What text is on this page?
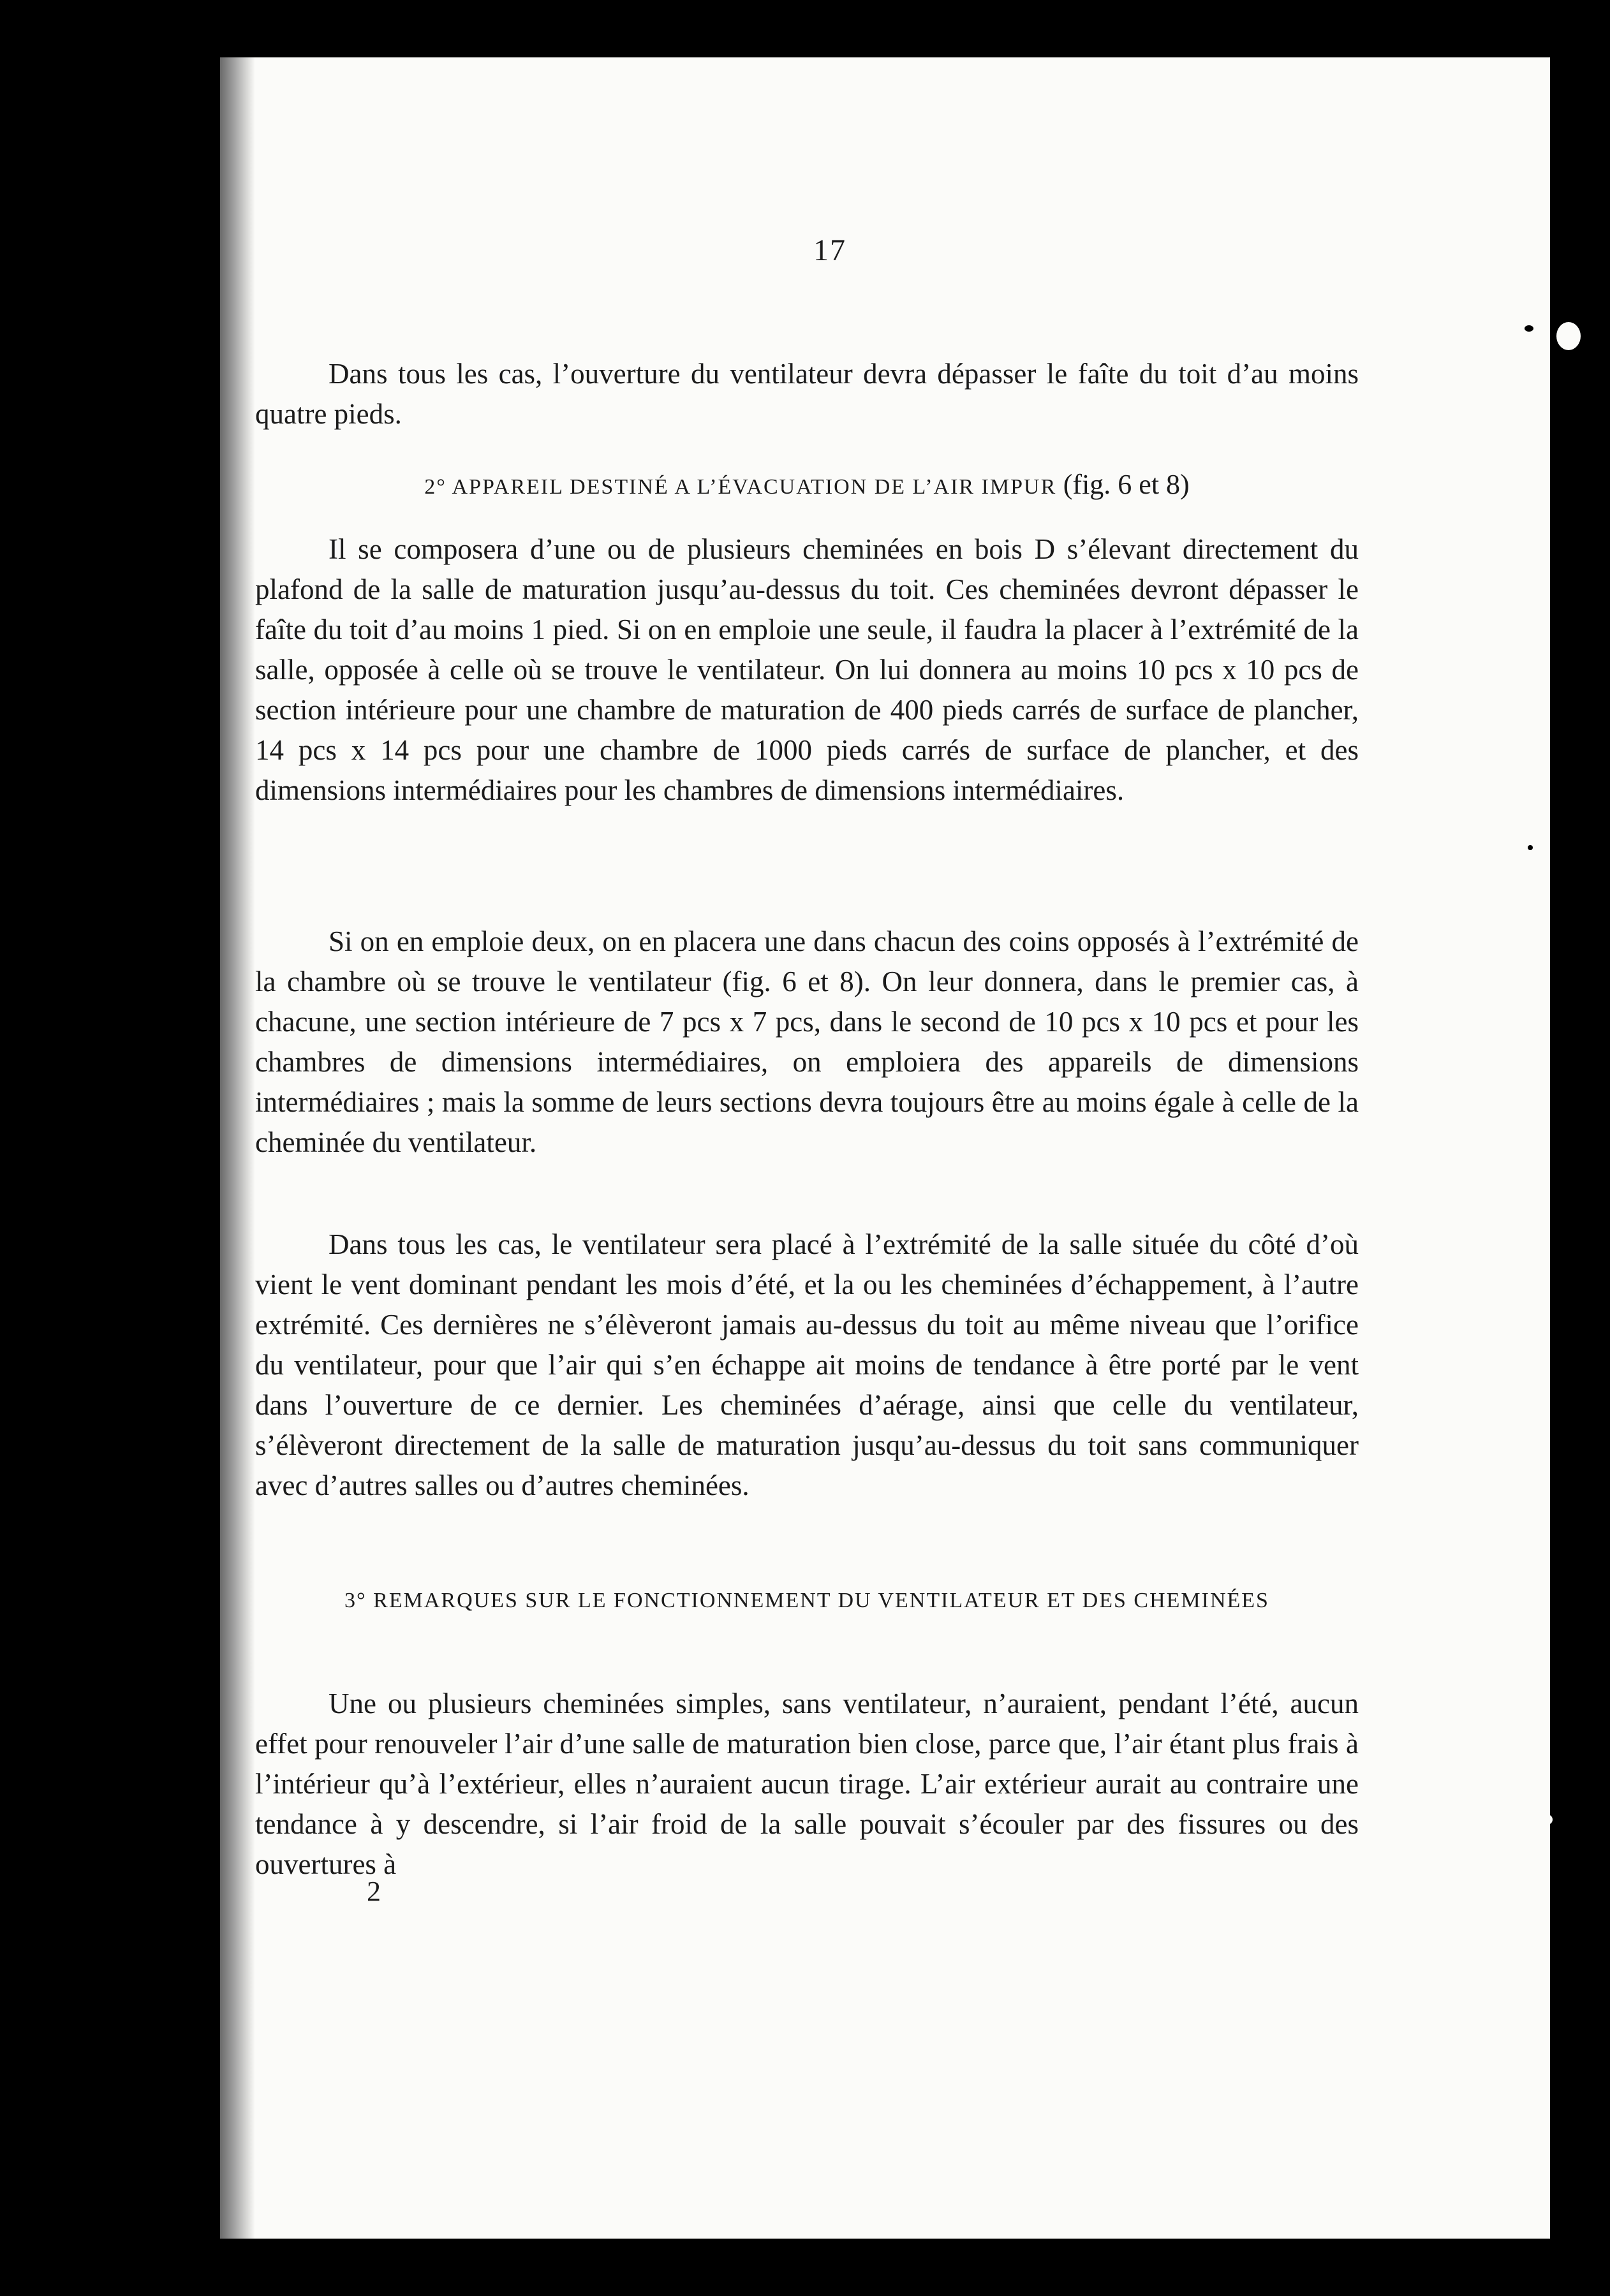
17

Dans tous les cas, l’ouverture du ventilateur devra dépasser le faîte du toit d’au moins quatre pieds.

2° APPAREIL DESTINÉ A L’ÉVACUATION DE L’AIR IMPUR (fig. 6 et 8)

Il se composera d’une ou de plusieurs cheminées en bois D s’élevant directement du plafond de la salle de maturation jusqu’au-dessus du toit. Ces cheminées devront dépasser le faîte du toit d’au moins 1 pied. Si on en emploie une seule, il faudra la placer à l’extrémité de la salle, opposée à celle où se trouve le ventilateur. On lui donnera au moins 10 pcs x 10 pcs de section intérieure pour une chambre de maturation de 400 pieds carrés de surface de plancher, 14 pcs x 14 pcs pour une chambre de 1000 pieds carrés de surface de plancher, et des dimensions intermédiaires pour les chambres de dimensions intermédiaires.

Si on en emploie deux, on en placera une dans chacun des coins opposés à l’extrémité de la chambre où se trouve le ventilateur (fig. 6 et 8). On leur donnera, dans le premier cas, à chacune, une section intérieure de 7 pcs x 7 pcs, dans le second de 10 pcs x 10 pcs et pour les chambres de dimensions intermédiaires, on emploiera des appareils de dimensions intermédiaires ; mais la somme de leurs sections devra toujours être au moins égale à celle de la cheminée du ventilateur.

Dans tous les cas, le ventilateur sera placé à l’extrémité de la salle située du côté d’où vient le vent dominant pendant les mois d’été, et la ou les cheminées d’échappement, à l’autre extrémité. Ces dernières ne s’élèveront jamais au-dessus du toit au même niveau que l’orifice du ventilateur, pour que l’air qui s’en échappe ait moins de tendance à être porté par le vent dans l’ouverture de ce dernier. Les cheminées d’aérage, ainsi que celle du ventilateur, s’élèveront directement de la salle de maturation jusqu’au-dessus du toit sans communiquer avec d’autres salles ou d’autres cheminées.

3° REMARQUES SUR LE FONCTIONNEMENT DU VENTILATEUR ET DES CHEMINÉES

Une ou plusieurs cheminées simples, sans ventilateur, n’auraient, pendant l’été, aucun effet pour renouveler l’air d’une salle de maturation bien close, parce que, l’air étant plus frais à l’intérieur qu’à l’extérieur, elles n’auraient aucun tirage. L’air extérieur aurait au contraire une tendance à y descendre, si l’air froid de la salle pouvait s’écouler par des fissures ou des ouvertures à

2
